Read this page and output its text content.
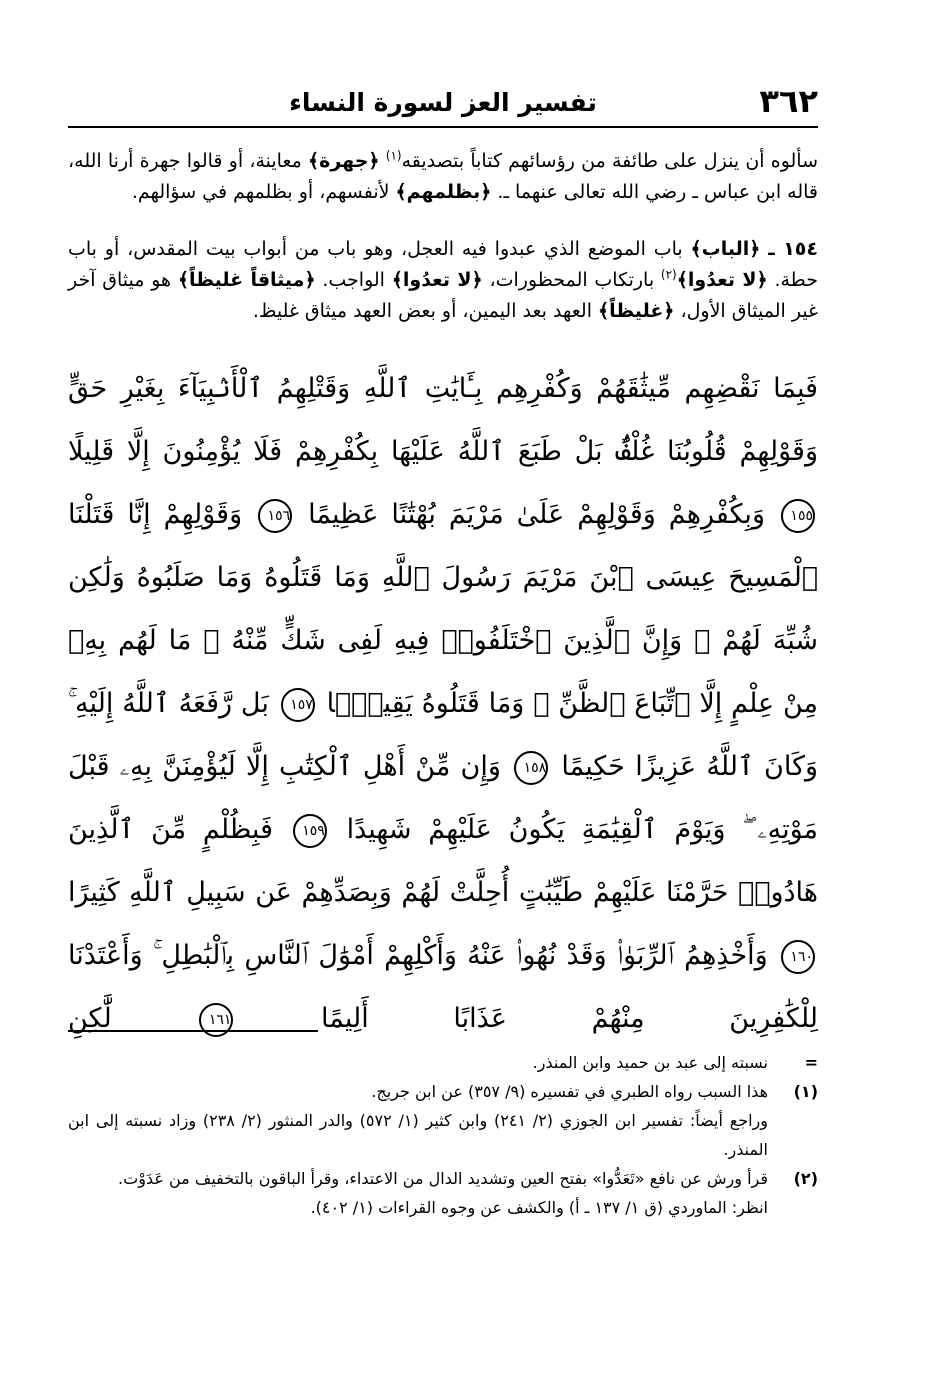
٣٦٢
تفسير العز لسورة النساء

سألوه أن ينزل على طائفة من رؤسائهم كتاباً بتصديقه$^{(١)}$ ﴿جهرة﴾ معاينة، أو قالوا جهرة أرنا الله، قاله ابن عباس ـ رضي الله تعالى عنهما ـ. ﴿بظلمهم﴾ لأنفسهم، أو بظلمهم في سؤالهم.

١٥٤ ـ ﴿الباب﴾ باب الموضع الذي عبدوا فيه العجل، وهو باب من أبواب بيت المقدس، أو باب حطة. ﴿لا تعدُوا﴾$^{(٢)}$ بارتكاب المحظورات، ﴿لا تعدُوا﴾ الواجب. ﴿ميثاقاً غليظاً﴾ هو ميثاق آخر غير الميثاق الأول، ﴿غليظاً﴾ العهد بعد اليمين، أو بعض العهد ميثاق غليظ.

فَبِمَا نَقْضِهِم مِّيثَٰقَهُمْ وَكُفْرِهِم بِـَٔايَٰتِ ٱللَّهِ وَقَتْلِهِمُ ٱلْأَنۢبِيَآءَ بِغَيْرِ حَقٍّ وَقَوْلِهِمْ قُلُوبُنَا غُلْفٌۢ بَلْ طَبَعَ ٱللَّهُ عَلَيْهَا بِكُفْرِهِمْ فَلَا يُؤْمِنُونَ إِلَّا قَلِيلًا ١٥٥ وَبِكُفْرِهِمْ وَقَوْلِهِمْ عَلَىٰ مَرْيَمَ بُهْتَٰنًا عَظِيمًا ١٥٦ وَقَوْلِهِمْ إِنَّا قَتَلْنَا ٱلْمَسِيحَ عِيسَى ٱبْنَ مَرْيَمَ رَسُولَ ٱللَّهِ وَمَا قَتَلُوهُ وَمَا صَلَبُوهُ وَلَٰكِن شُبِّهَ لَهُمْ ۚ وَإِنَّ ٱلَّذِينَ ٱخْتَلَفُوا۟ فِيهِ لَفِى شَكٍّ مِّنْهُ ۚ مَا لَهُم بِهِۦ مِنْ عِلْمٍ إِلَّا ٱتِّبَاعَ ٱلظَّنِّ ۚ وَمَا قَتَلُوهُ يَقِينًۢا ١٥٧ بَل رَّفَعَهُ ٱللَّهُ إِلَيْهِ ۚ وَكَانَ ٱللَّهُ عَزِيزًا حَكِيمًا ١٥٨ وَإِن مِّنْ أَهْلِ ٱلْكِتَٰبِ إِلَّا لَيُؤْمِنَنَّ بِهِۦ قَبْلَ مَوْتِهِۦ ۖ وَيَوْمَ ٱلْقِيَٰمَةِ يَكُونُ عَلَيْهِمْ شَهِيدًا ١٥٩ فَبِظُلْمٍ مِّنَ ٱلَّذِينَ هَادُوا۟ حَرَّمْنَا عَلَيْهِمْ طَيِّبَٰتٍ أُحِلَّتْ لَهُمْ وَبِصَدِّهِمْ عَن سَبِيلِ ٱللَّهِ كَثِيرًا ١٦٠ وَأَخْذِهِمُ ٱلرِّبَوٰا۟ وَقَدْ نُهُوا۟ عَنْهُ وَأَكْلِهِمْ أَمْوَٰلَ ٱلنَّاسِ بِٱلْبَٰطِلِ ۚ وَأَعْتَدْنَا لِلْكَٰفِرِينَ مِنْهُمْ عَذَابًا أَلِيمًا ١٦١ لَّٰكِنِ
=
نسبته إلى عبد بن حميد وابن المنذر.
(١)
هذا السبب رواه الطبري في تفسيره (٩/ ٣٥٧) عن ابن جريج.
وراجع أيضاً: تفسير ابن الجوزي (٢/ ٢٤١) وابن كثير (١/ ٥٧٢) والدر المنثور (٢/ ٢٣٨) وزاد نسبته إلى ابن المنذر.
(٢)
قرأ ورش عن نافع «تَعَدُّوا» بفتح العين وتشديد الدال من الاعتداء، وقرأ الباقون بالتخفيف من عَدَوْت.
انظر: الماوردي (ق ١/ ١٣٧ ـ أ) والكشف عن وجوه القراءات (١/ ٤٠٢).
